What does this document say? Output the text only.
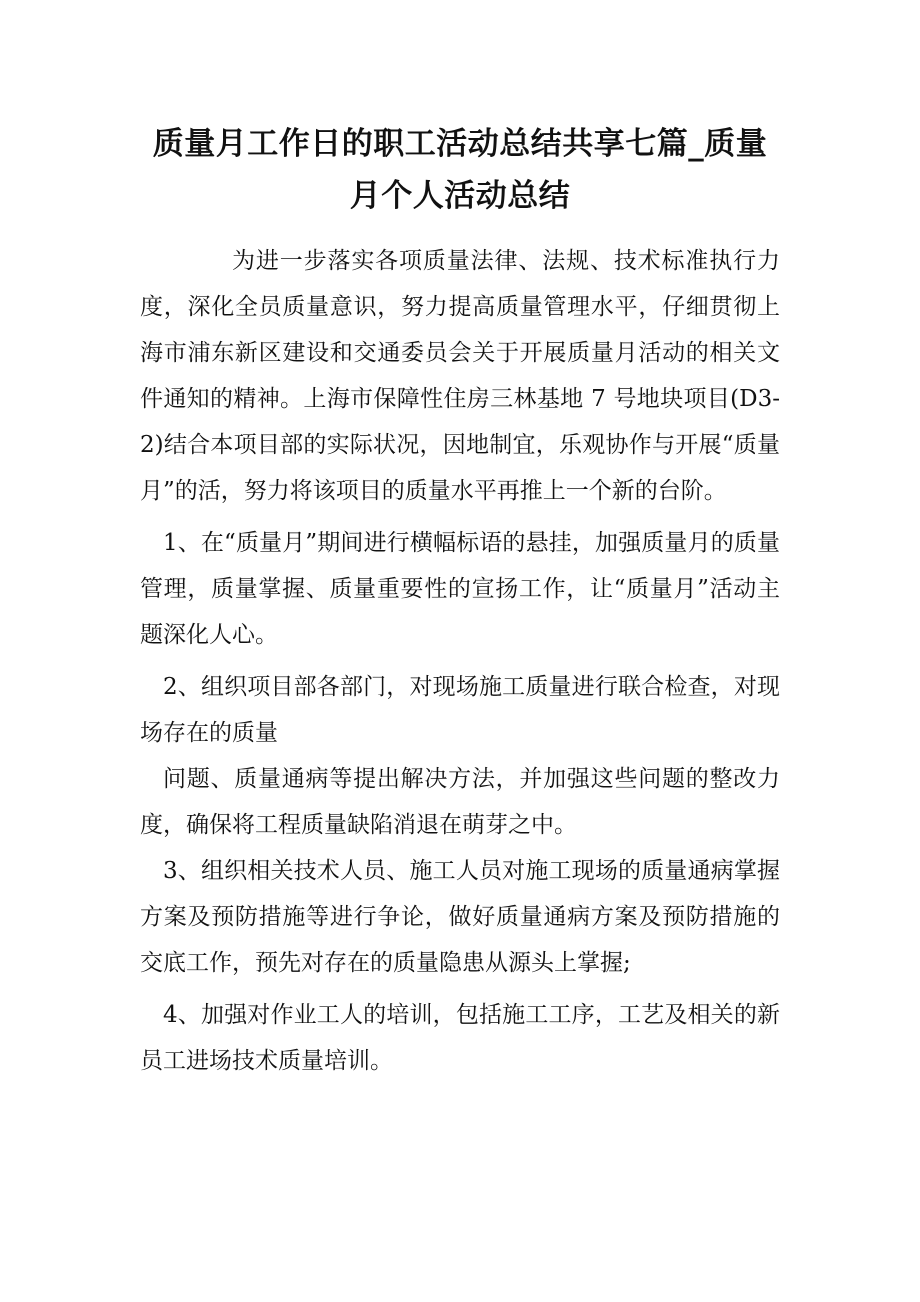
质量月工作日的职工活动总结共享七篇_质量月个人活动总结

为进一步落实各项质量法律、法规、技术标准执行力度，深化全员质量意识，努力提高质量管理水平，仔细贯彻上海市浦东新区建设和交通委员会关于开展质量月活动的相关文件通知的精神。上海市保障性住房三林基地 7 号地块项目(D3-2)结合本项目部的实际状况，因地制宜，乐观协作与开展“质量月”的活，努力将该项目的质量水平再推上一个新的台阶。

1、在“质量月”期间进行横幅标语的悬挂，加强质量月的质量管理，质量掌握、质量重要性的宣扬工作，让“质量月”活动主题深化人心。

2、组织项目部各部门，对现场施工质量进行联合检查，对现场存在的质量

问题、质量通病等提出解决方法，并加强这些问题的整改力度，确保将工程质量缺陷消退在萌芽之中。

3、组织相关技术人员、施工人员对施工现场的质量通病掌握方案及预防措施等进行争论，做好质量通病方案及预防措施的交底工作，预先对存在的质量隐患从源头上掌握;

4、加强对作业工人的培训，包括施工工序，工艺及相关的新员工进场技术质量培训。
